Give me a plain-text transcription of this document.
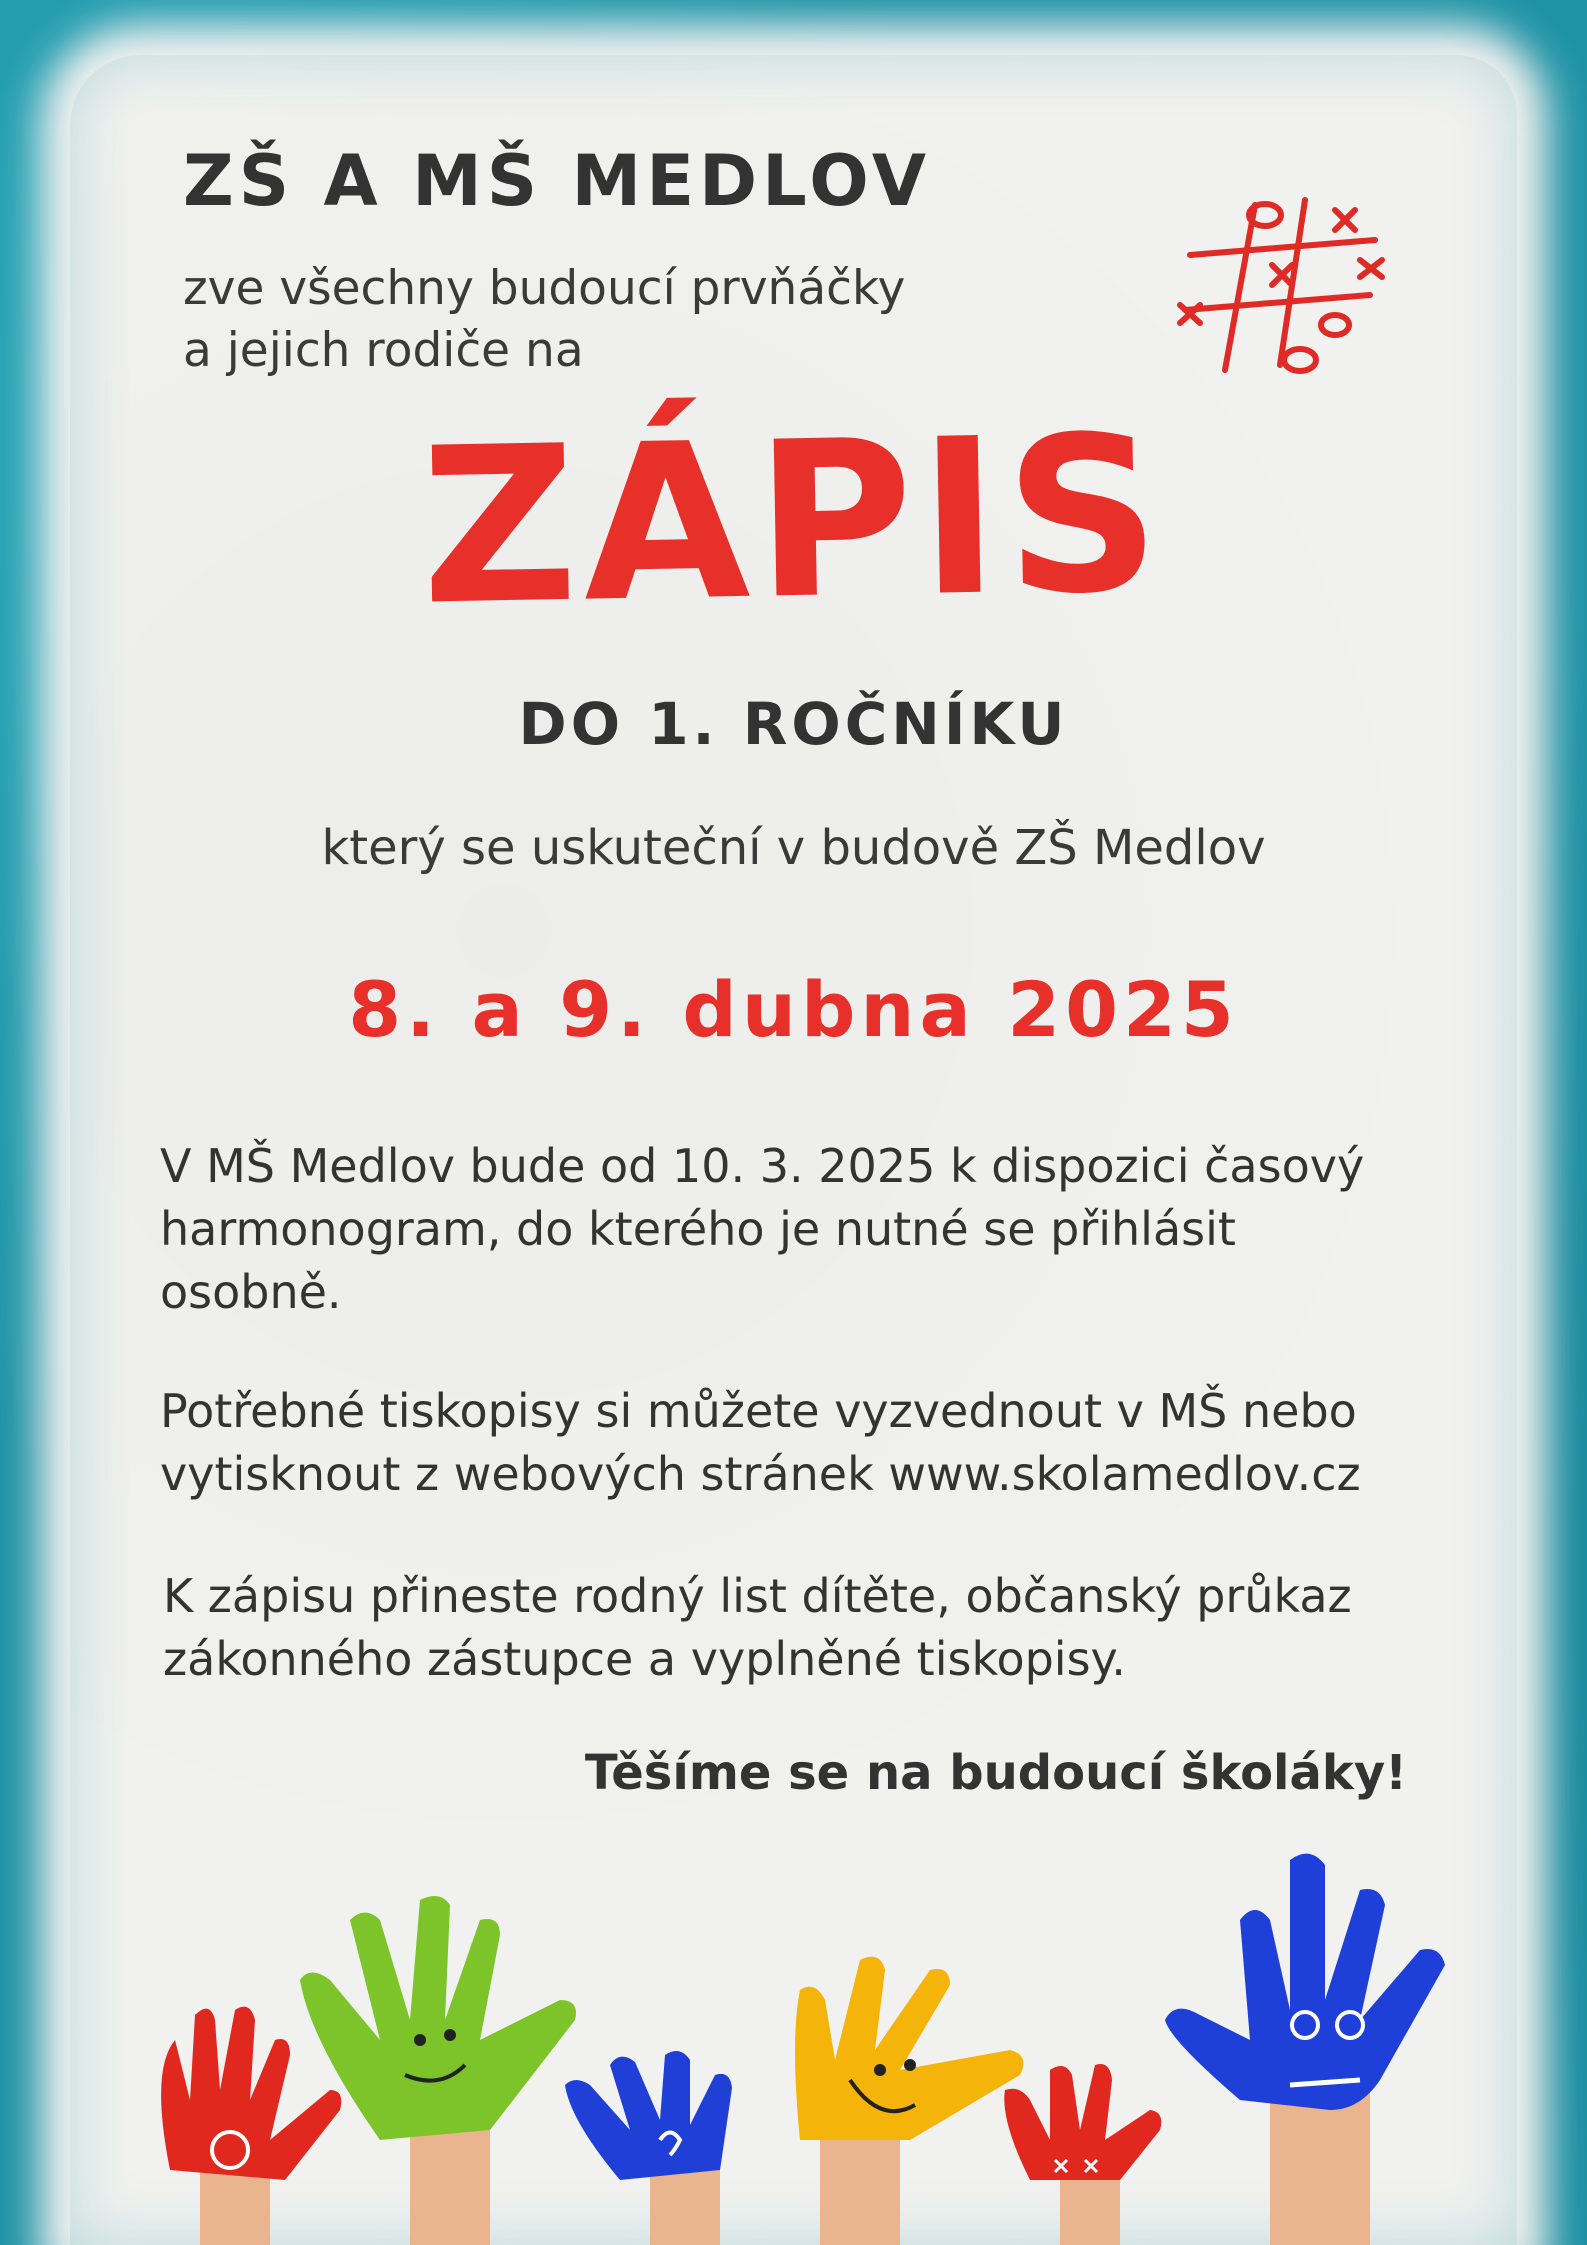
ZŠ A MŠ MEDLOV
zve všechny budoucí prvňáčky
a jejich rodiče na
ZÁPIS
DO 1. ROČNÍKU
který se uskuteční v budově ZŠ Medlov
8. a 9. dubna 2025
V MŠ Medlov bude od 10. 3. 2025 k dispozici časový
harmonogram, do kterého je nutné se přihlásit
osobně.
Potřebné tiskopisy si můžete vyzvednout v MŠ nebo
vytisknout z webových stránek www.skolamedlov.cz
K zápisu přineste rodný list dítěte, občanský průkaz
zákonného zástupce a vyplněné tiskopisy.
Těšíme se na budoucí školáky!
